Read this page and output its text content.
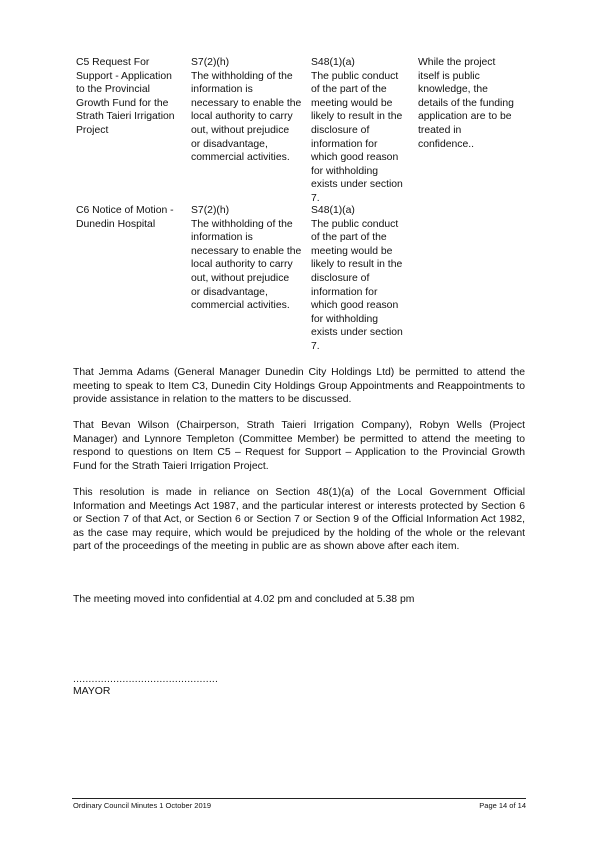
C5 Request For
Support - Application
to the Provincial
Growth Fund for the
Strath Taieri Irrigation
Project
S7(2)(h)
The withholding of the
information is
necessary to enable the
local authority to carry
out, without prejudice
or disadvantage,
commercial activities.
S48(1)(a)
The public conduct
of the part of the
meeting would be
likely to result in the
disclosure of
information for
which good reason
for withholding
exists under section
7.
While the project
itself is public
knowledge, the
details of the funding
application are to be
treated in
confidence..
C6 Notice of Motion -
Dunedin Hospital
S7(2)(h)
The withholding of the
information is
necessary to enable the
local authority to carry
out, without prejudice
or disadvantage,
commercial activities.
S48(1)(a)
The public conduct
of the part of the
meeting would be
likely to result in the
disclosure of
information for
which good reason
for withholding
exists under section
7.

That Jemma Adams (General Manager Dunedin City Holdings Ltd) be permitted to attend the meeting to speak to Item C3, Dunedin City Holdings Group Appointments and Reappointments to provide assistance in relation to the matters to be discussed.

That Bevan Wilson (Chairperson, Strath Taieri Irrigation Company), Robyn Wells (Project Manager) and Lynnore Templeton (Committee Member) be permitted to attend the meeting to respond to questions on Item C5 – Request for Support – Application to the Provincial Growth Fund for the Strath Taieri Irrigation Project.

This resolution is made in reliance on Section 48(1)(a) of the Local Government Official Information and Meetings Act 1987, and the particular interest or interests protected by Section 6 or Section 7 of that Act, or Section 6 or Section 7 or Section 9 of the Official Information Act 1982, as the case may require, which would be prejudiced by the holding of the whole or the relevant part of the proceedings of the meeting in public are as shown above after each item.

The meeting moved into confidential at 4.02 pm and concluded at 5.38 pm

...............................................
MAYOR
Ordinary Council Minutes 1 October 2019	Page 14 of 14
